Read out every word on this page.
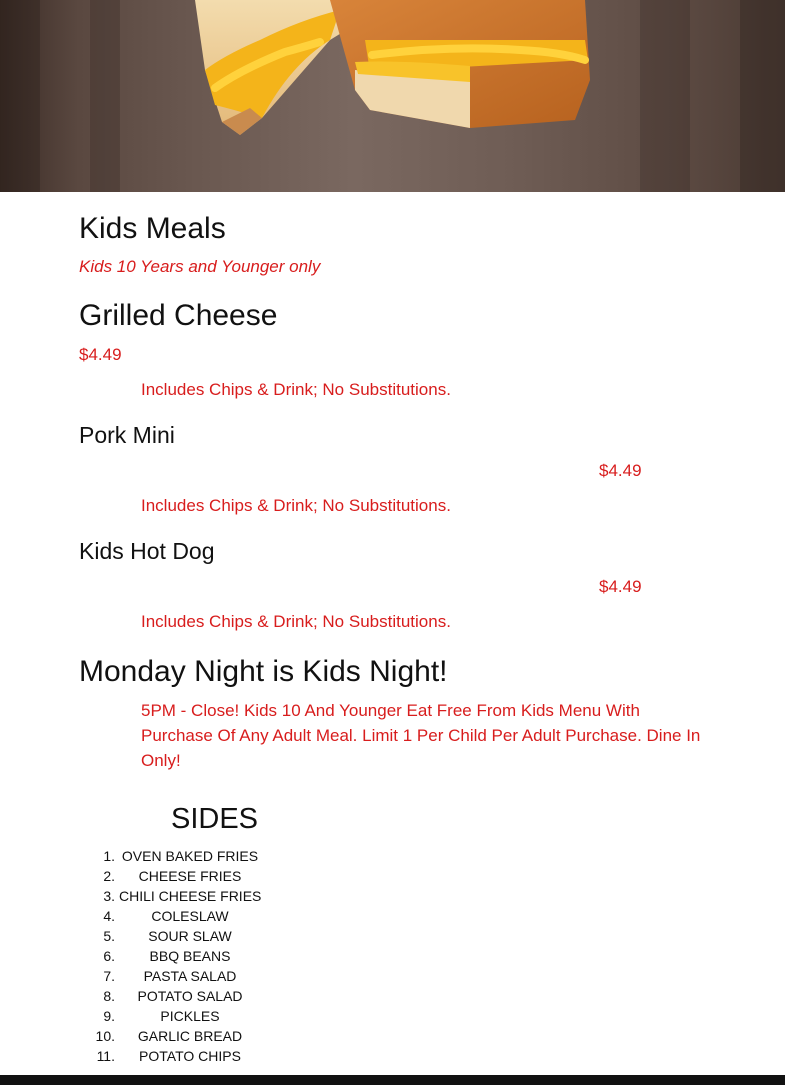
Kids Meals
Kids 10 Years and Younger only
Grilled Cheese
$4.49
Includes Chips & Drink; No Substitutions.
Pork Mini
$4.49
Includes Chips & Drink; No Substitutions.
Kids Hot Dog
$4.49
Includes Chips & Drink; No Substitutions.
Monday Night is Kids Night!
5PM - Close! Kids 10 And Younger Eat Free From Kids Menu With Purchase Of Any Adult Meal. Limit 1 Per Child Per Adult Purchase. Dine In Only!
SIDES
1. OVEN BAKED FRIES
2.	CHEESE FRIES
3. CHILI CHEESE FRIES
4.	COLESLAW
5.	SOUR SLAW
6.	BBQ BEANS
7.	PASTA SALAD
8.	POTATO SALAD
9.	PICKLES
10.	GARLIC BREAD
11.	POTATO CHIPS
